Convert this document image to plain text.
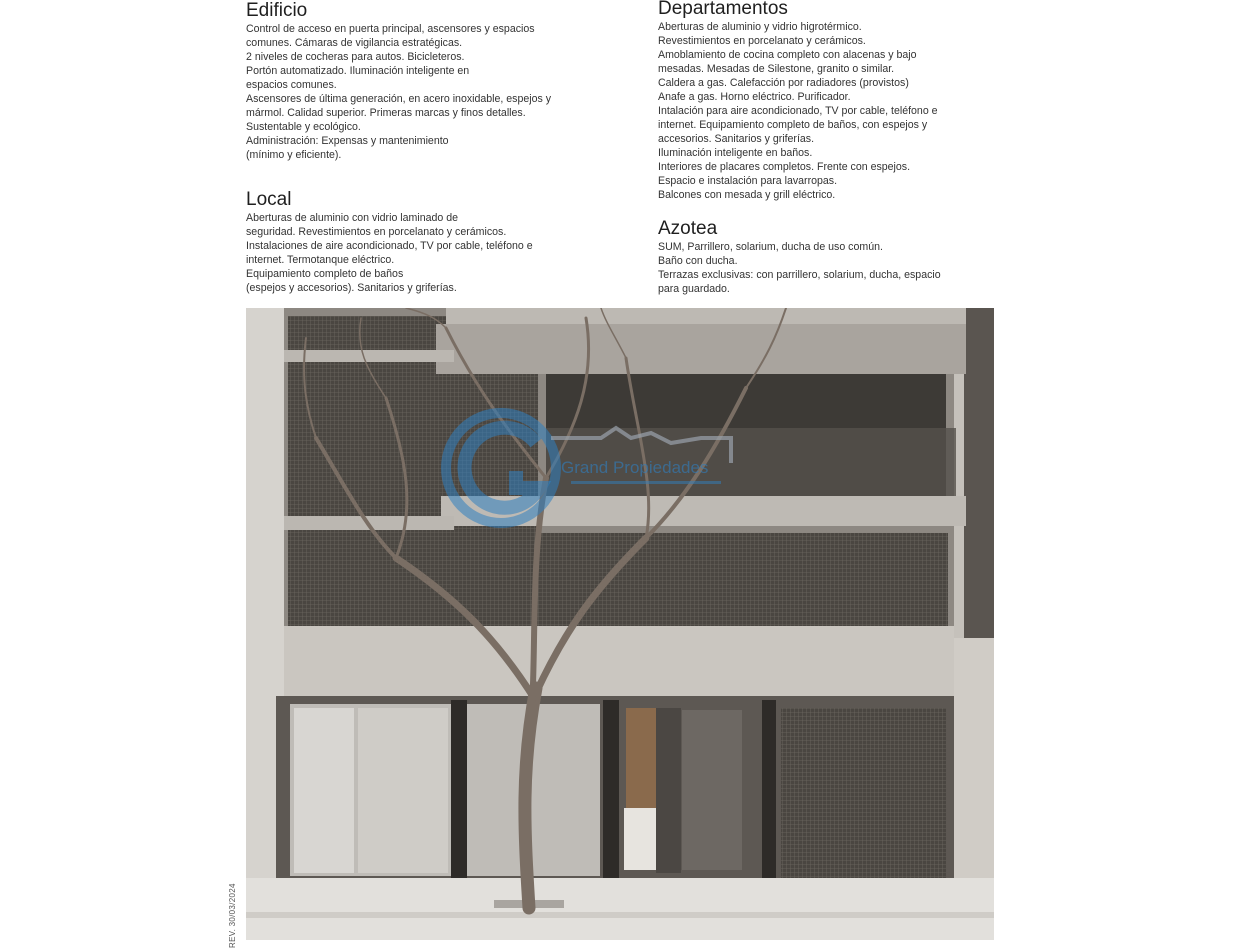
Edificio
Control de acceso en puerta principal, ascensores y espacios
comunes. Cámaras de vigilancia estratégicas.
2 niveles de cocheras para autos. Bicicleteros.
Portón automatizado. Iluminación inteligente en
espacios comunes.
Ascensores de última generación, en acero inoxidable, espejos y
mármol. Calidad superior. Primeras marcas y finos detalles.
Sustentable y ecológico.
Administración: Expensas y mantenimiento
(mínimo y eficiente).
Local
Aberturas de aluminio con vidrio laminado de
seguridad. Revestimientos en porcelanato y cerámicos.
Instalaciones de aire acondicionado, TV por cable, teléfono e
internet. Termotanque eléctrico.
Equipamiento completo de baños
(espejos y accesorios). Sanitarios y griferías.
Departamentos
Aberturas de aluminio y vidrio higrotérmico.
Revestimientos en porcelanato y cerámicos.
Amoblamiento de cocina completo con alacenas y bajo
mesadas. Mesadas de Silestone, granito o similar.
Caldera a gas. Calefacción por radiadores (provistos)
Anafe a gas. Horno eléctrico. Purificador.
Intalación para aire acondicionado, TV por cable, teléfono e
internet. Equipamiento completo de baños, con espejos y
accesorios. Sanitarios y griferías.
Iluminación inteligente en baños.
Interiores de placares completos. Frente con espejos.
Espacio e instalación para lavarropas.
Balcones con mesada y grill eléctrico.
Azotea
SUM, Parrillero, solarium, ducha de uso común.
Baño con ducha.
Terrazas exclusivas: con parrillero, solarium, ducha, espacio
para guardado.
Grand Propiedades
REV. 30/03/2024
